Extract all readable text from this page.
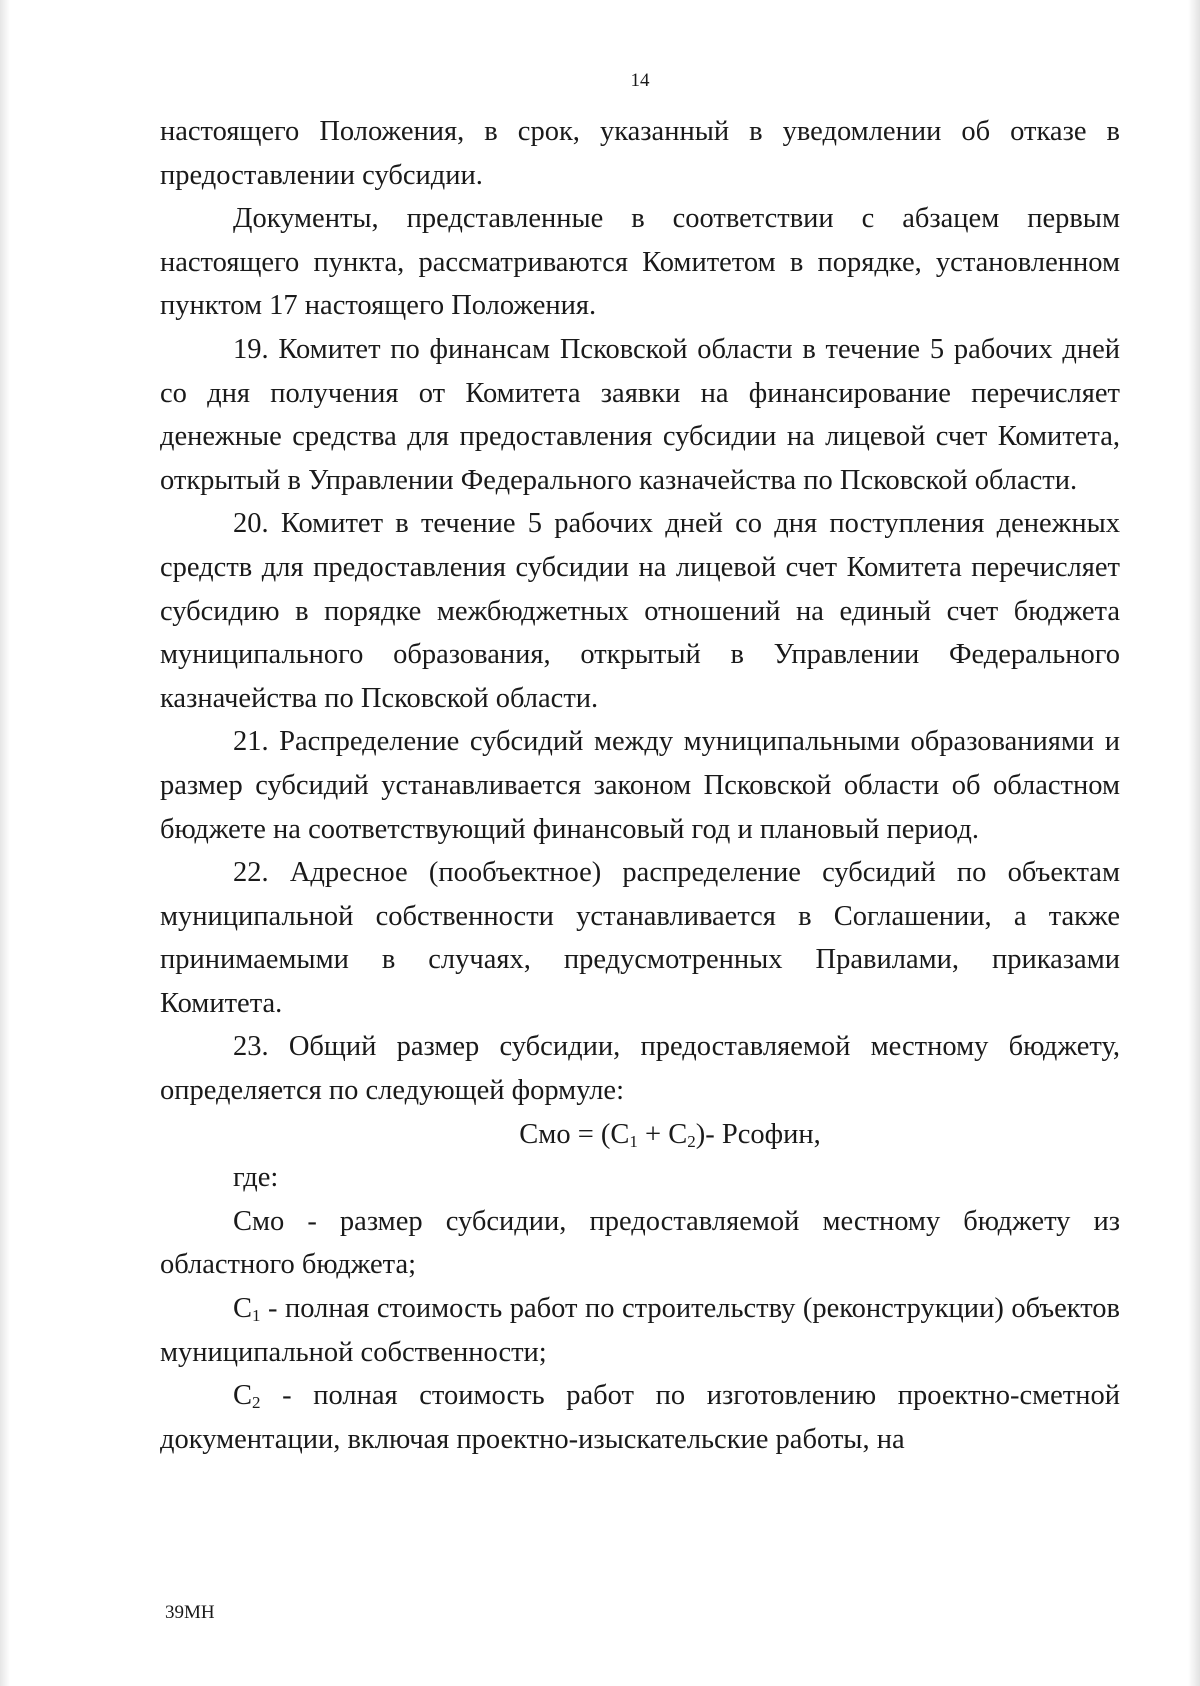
14

настоящего Положения, в срок, указанный в уведомлении об отказе в предоставлении субсидии.

Документы, представленные в соответствии с абзацем первым настоящего пункта, рассматриваются Комитетом в порядке, установленном пунктом 17 настоящего Положения.

19. Комитет по финансам Псковской области в течение 5 рабочих дней со дня получения от Комитета заявки на финансирование перечисляет денежные средства для предоставления субсидии на лицевой счет Комитета, открытый в Управлении Федерального казначейства по Псковской области.

20. Комитет в течение 5 рабочих дней со дня поступления денежных средств для предоставления субсидии на лицевой счет Комитета перечисляет субсидию в порядке межбюджетных отношений на единый счет бюджета муниципального образования, открытый в Управлении Федерального казначейства по Псковской области.

21. Распределение субсидий между муниципальными образованиями и размер субсидий устанавливается законом Псковской области об областном бюджете на соответствующий финансовый год и плановый период.

22. Адресное (пообъектное) распределение субсидий по объектам муниципальной собственности устанавливается в Соглашении, а также принимаемыми в случаях, предусмотренных Правилами, приказами Комитета.

23. Общий размер субсидии, предоставляемой местному бюджету, определяется по следующей формуле:

Смо = $(С_1 + С_2)-$ Рсофин,

где:

Смо - размер субсидии, предоставляемой местному бюджету из областного бюджета;

$С_1$ - полная стоимость работ по строительству (реконструкции) объектов муниципальной собственности;

$С_2$ - полная стоимость работ по изготовлению проектно-сметной документации, включая проектно-изыскательские работы, на

39МН
